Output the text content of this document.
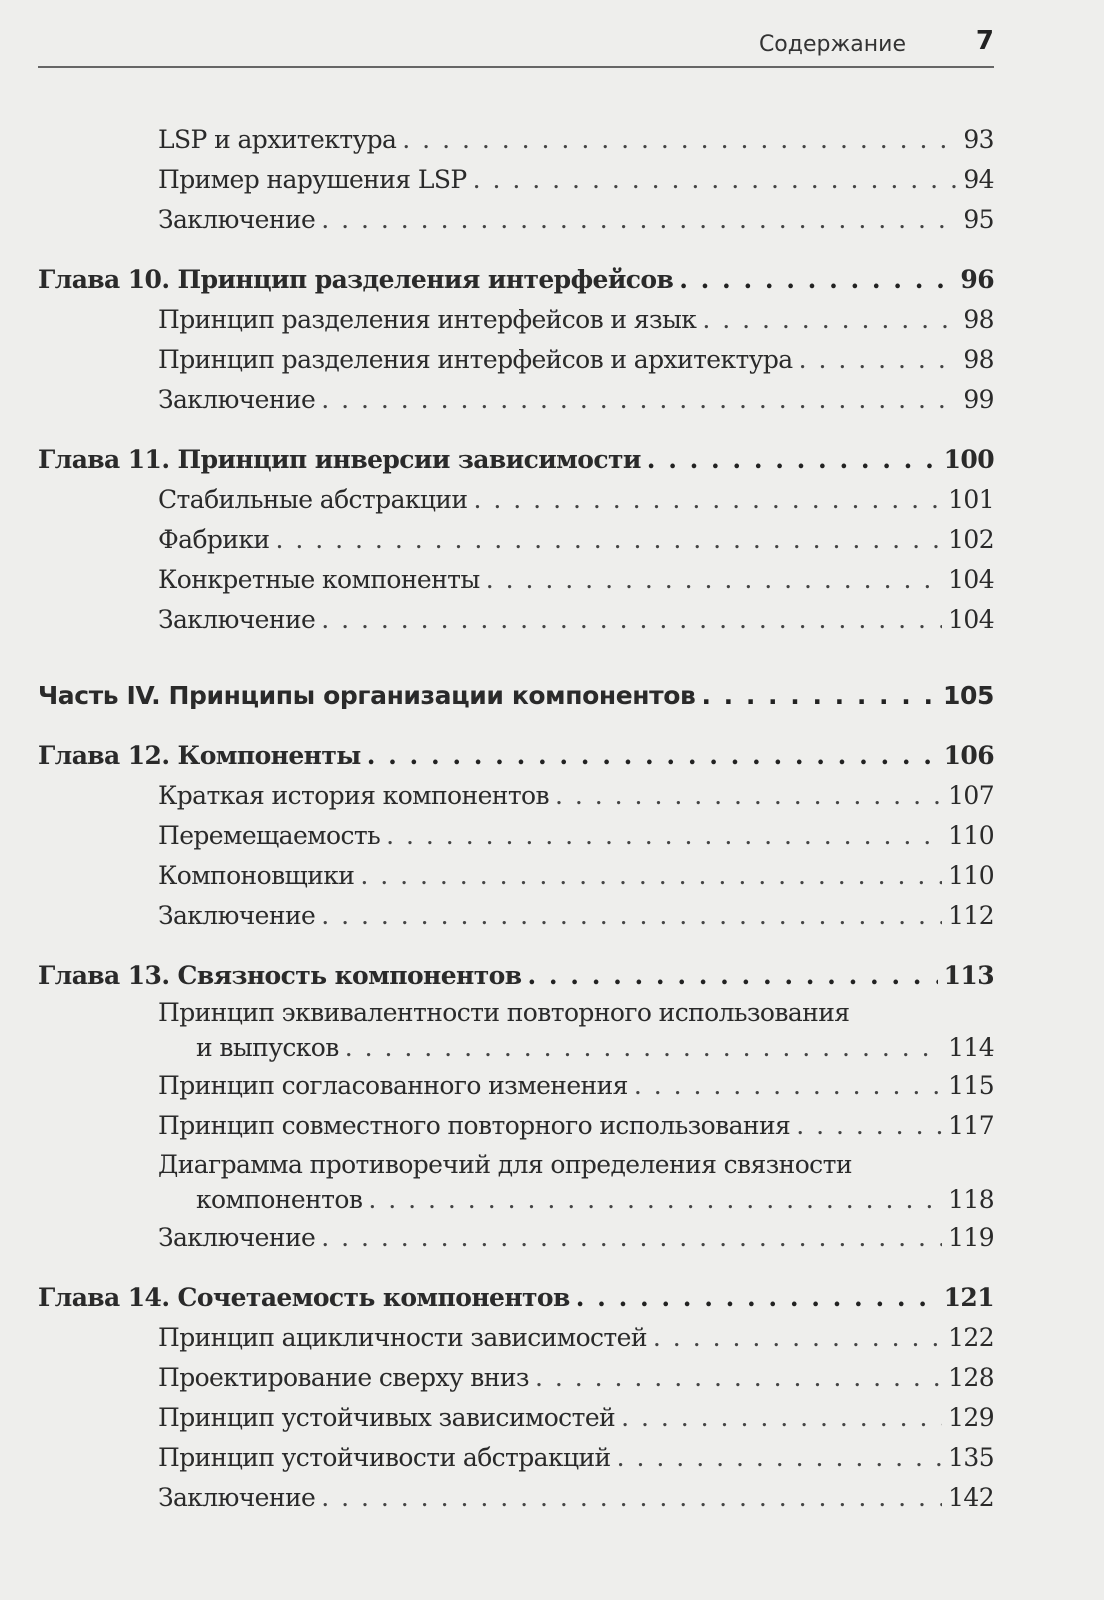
Содержание	7
LSP и архитектура . . .	93
Пример нарушения LSP . . .	94
Заключение . . .	95
Глава 10. Принцип разделения интерфейсов . . .	96
Принцип разделения интерфейсов и язык . . .	98
Принцип разделения интерфейсов и архитектура . . .	98
Заключение . . .	99
Глава 11. Принцип инверсии зависимости . . .	100
Стабильные абстракции . . .	101
Фабрики . . .	102
Конкретные компоненты . . .	104
Заключение . . .	104
Часть IV. Принципы организации компонентов . . .	105
Глава 12. Компоненты . . .	106
Краткая история компонентов . . .	107
Перемещаемость . . .	110
Компоновщики . . .	110
Заключение . . .	112
Глава 13. Связность компонентов . . .	113
Принцип эквивалентности повторного использования
и выпусков . . .	114
Принцип согласованного изменения . . .	115
Принцип совместного повторного использования . . .	117
Диаграмма противоречий для определения связности
компонентов . . .	118
Заключение . . .	119
Глава 14. Сочетаемость компонентов . . .	121
Принцип ацикличности зависимостей . . .	122
Проектирование сверху вниз . . .	128
Принцип устойчивых зависимостей . . .	129
Принцип устойчивости абстракций . . .	135
Заключение . . .	142
